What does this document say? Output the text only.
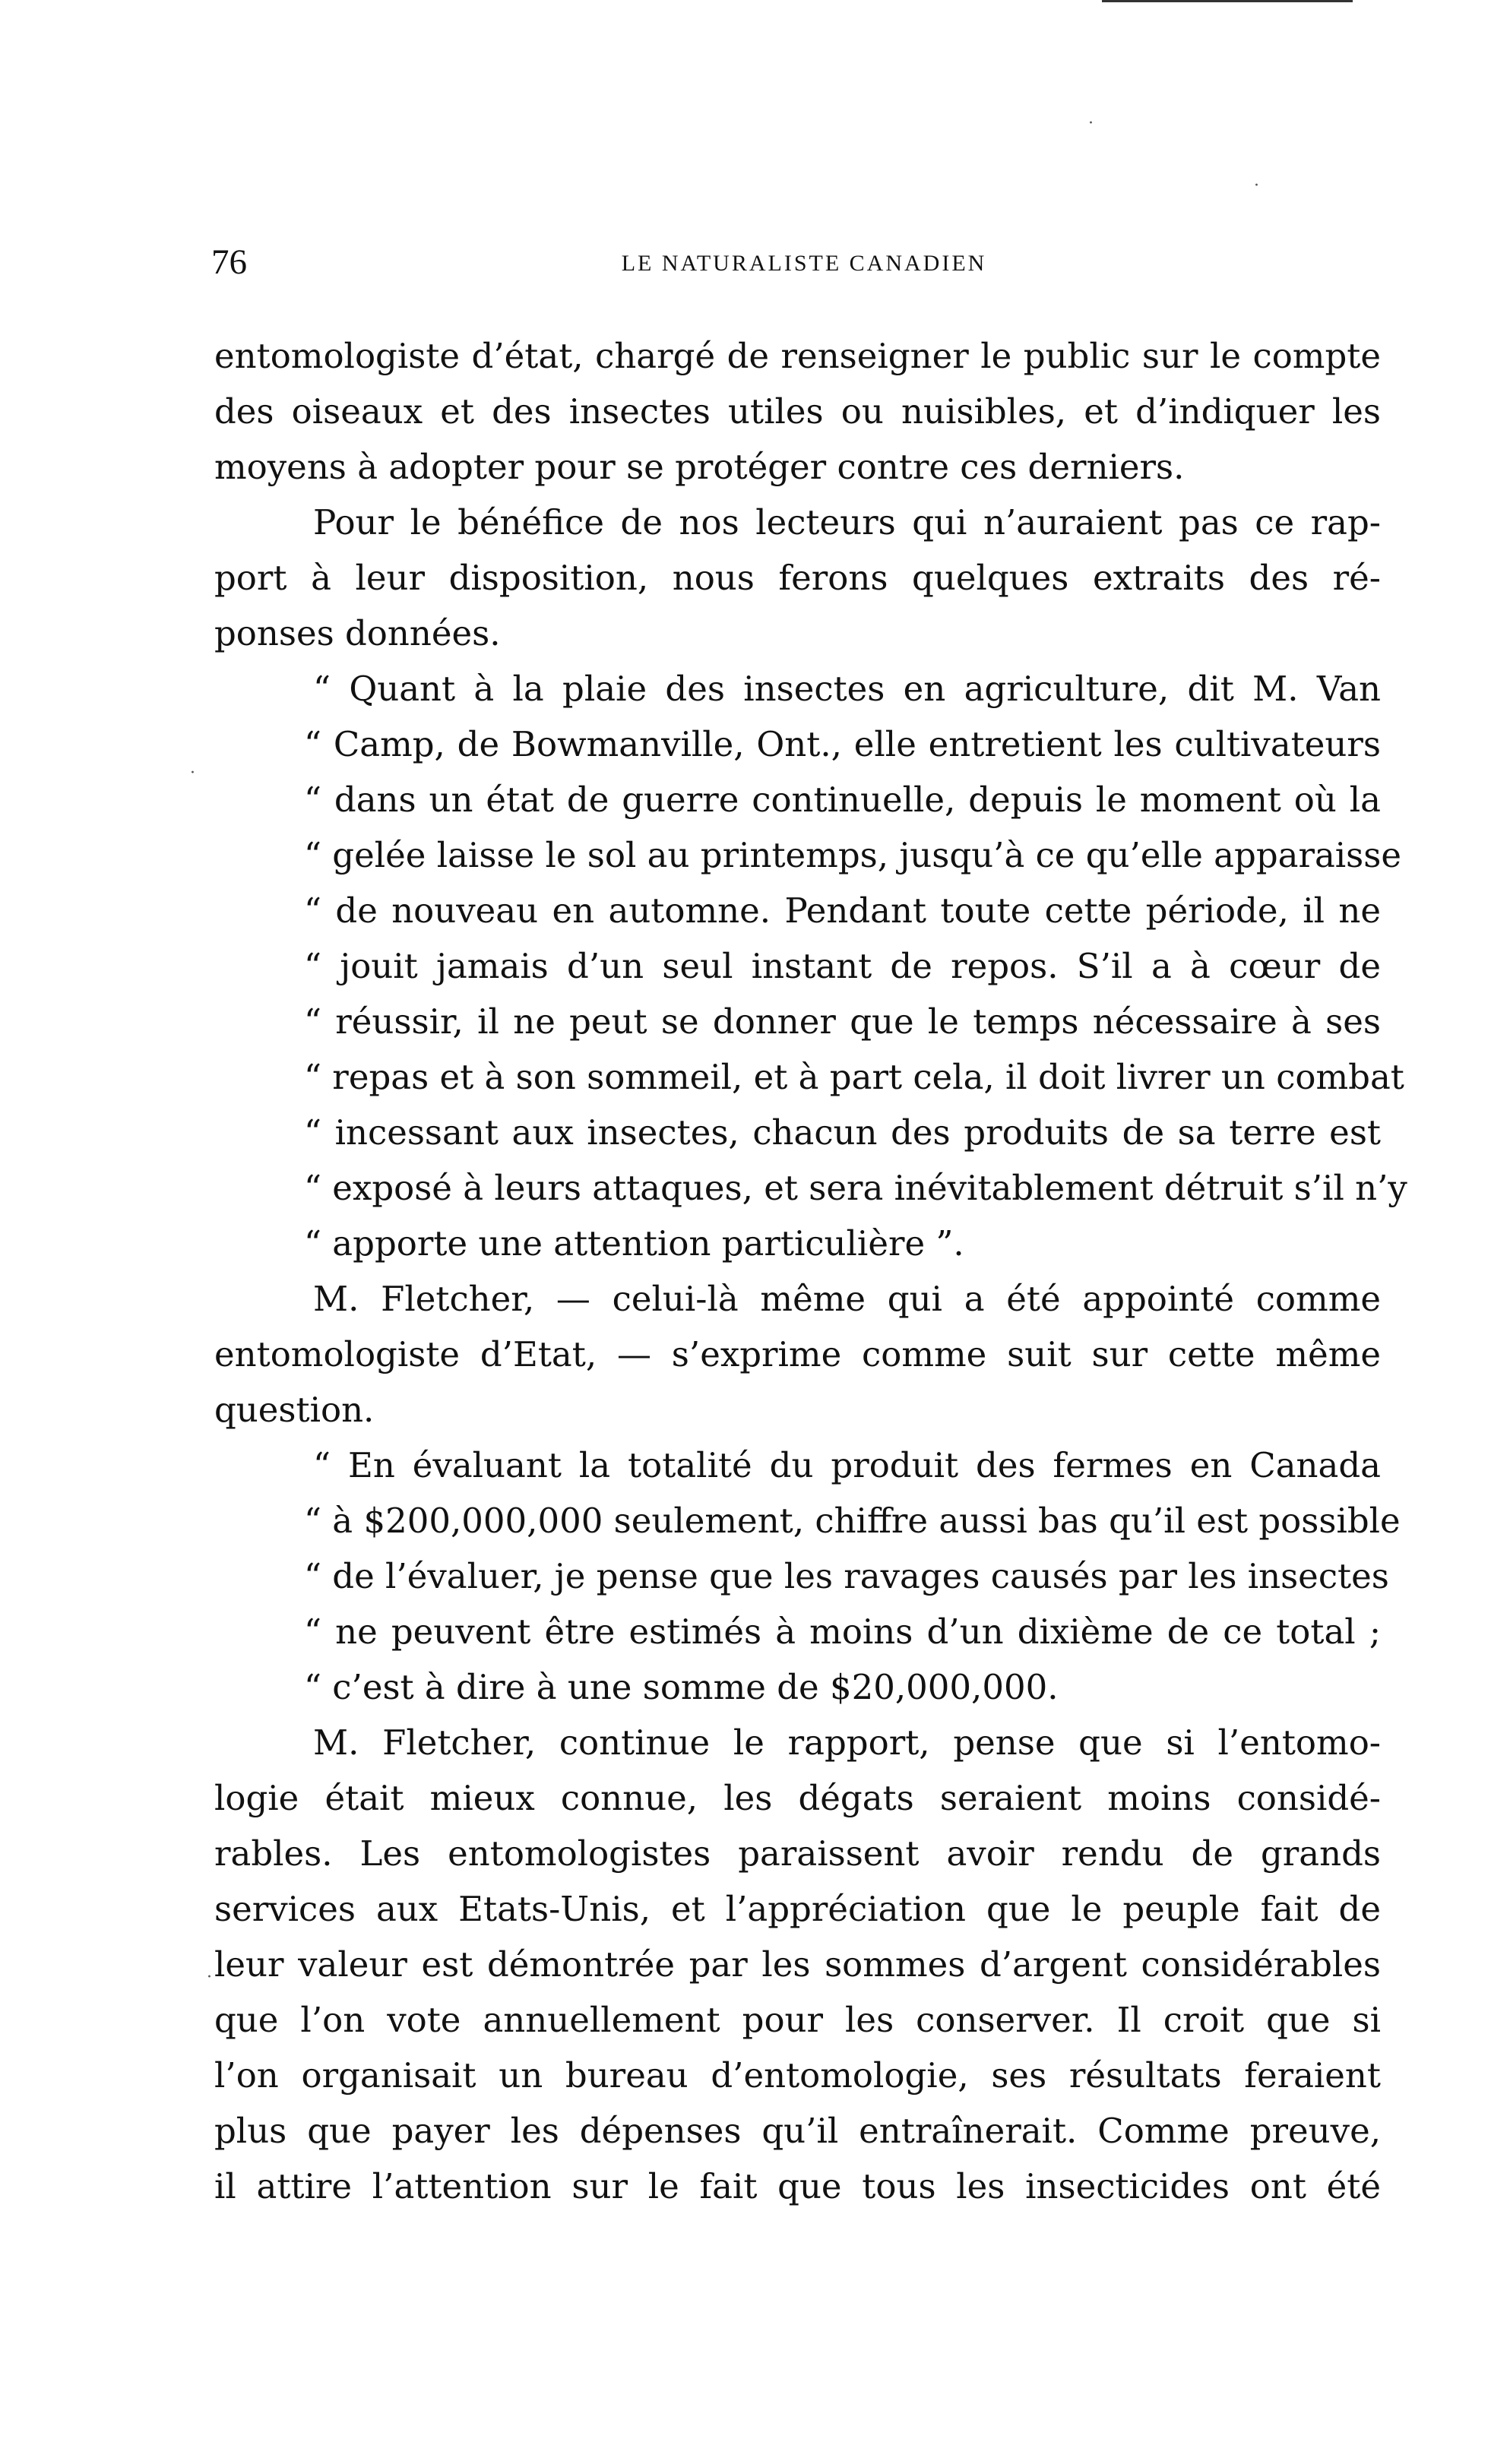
·
·
·
·
76	LE NATURALISTE CANADIEN
entomologiste d’état, chargé de renseigner le public sur le compte
des oiseaux et des insectes utiles ou nuisibles, et d’indiquer les
moyens à adopter pour se protéger contre ces derniers.
Pour le bénéfice de nos lecteurs qui n’auraient pas ce rap-
port à leur disposition, nous ferons quelques extraits des ré-
ponses données.
“ Quant à la plaie des insectes en agriculture, dit M. Van
“ Camp, de Bowmanville, Ont., elle entretient les cultivateurs
“ dans un état de guerre continuelle, depuis le moment où la
“ gelée laisse le sol au printemps, jusqu’à ce qu’elle apparaisse
“ de nouveau en automne. Pendant toute cette période, il ne
“ jouit jamais d’un seul instant de repos. S’il a à cœur de
“ réussir, il ne peut se donner que le temps nécessaire à ses
“ repas et à son sommeil, et à part cela, il doit livrer un combat
“ incessant aux insectes, chacun des produits de sa terre est
“ exposé à leurs attaques, et sera inévitablement détruit s’il n’y
“ apporte une attention particulière ”.
M. Fletcher, — celui-là même qui a été appointé comme
entomologiste d’Etat, — s’exprime comme suit sur cette même
question.
“ En évaluant la totalité du produit des fermes en Canada
“ à $200,000,000 seulement, chiffre aussi bas qu’il est possible
“ de l’évaluer, je pense que les ravages causés par les insectes
“ ne peuvent être estimés à moins d’un dixième de ce total ;
“ c’est à dire à une somme de $20,000,000.
M. Fletcher, continue le rapport, pense que si l’entomo-
logie était mieux connue, les dégats seraient moins considé-
rables. Les entomologistes paraissent avoir rendu de grands
services aux Etats-Unis, et l’appréciation que le peuple fait de
leur valeur est démontrée par les sommes d’argent considérables
que l’on vote annuellement pour les conserver. Il croit que si
l’on organisait un bureau d’entomologie, ses résultats feraient
plus que payer les dépenses qu’il entraînerait. Comme preuve,
il attire l’attention sur le fait que tous les insecticides ont été
